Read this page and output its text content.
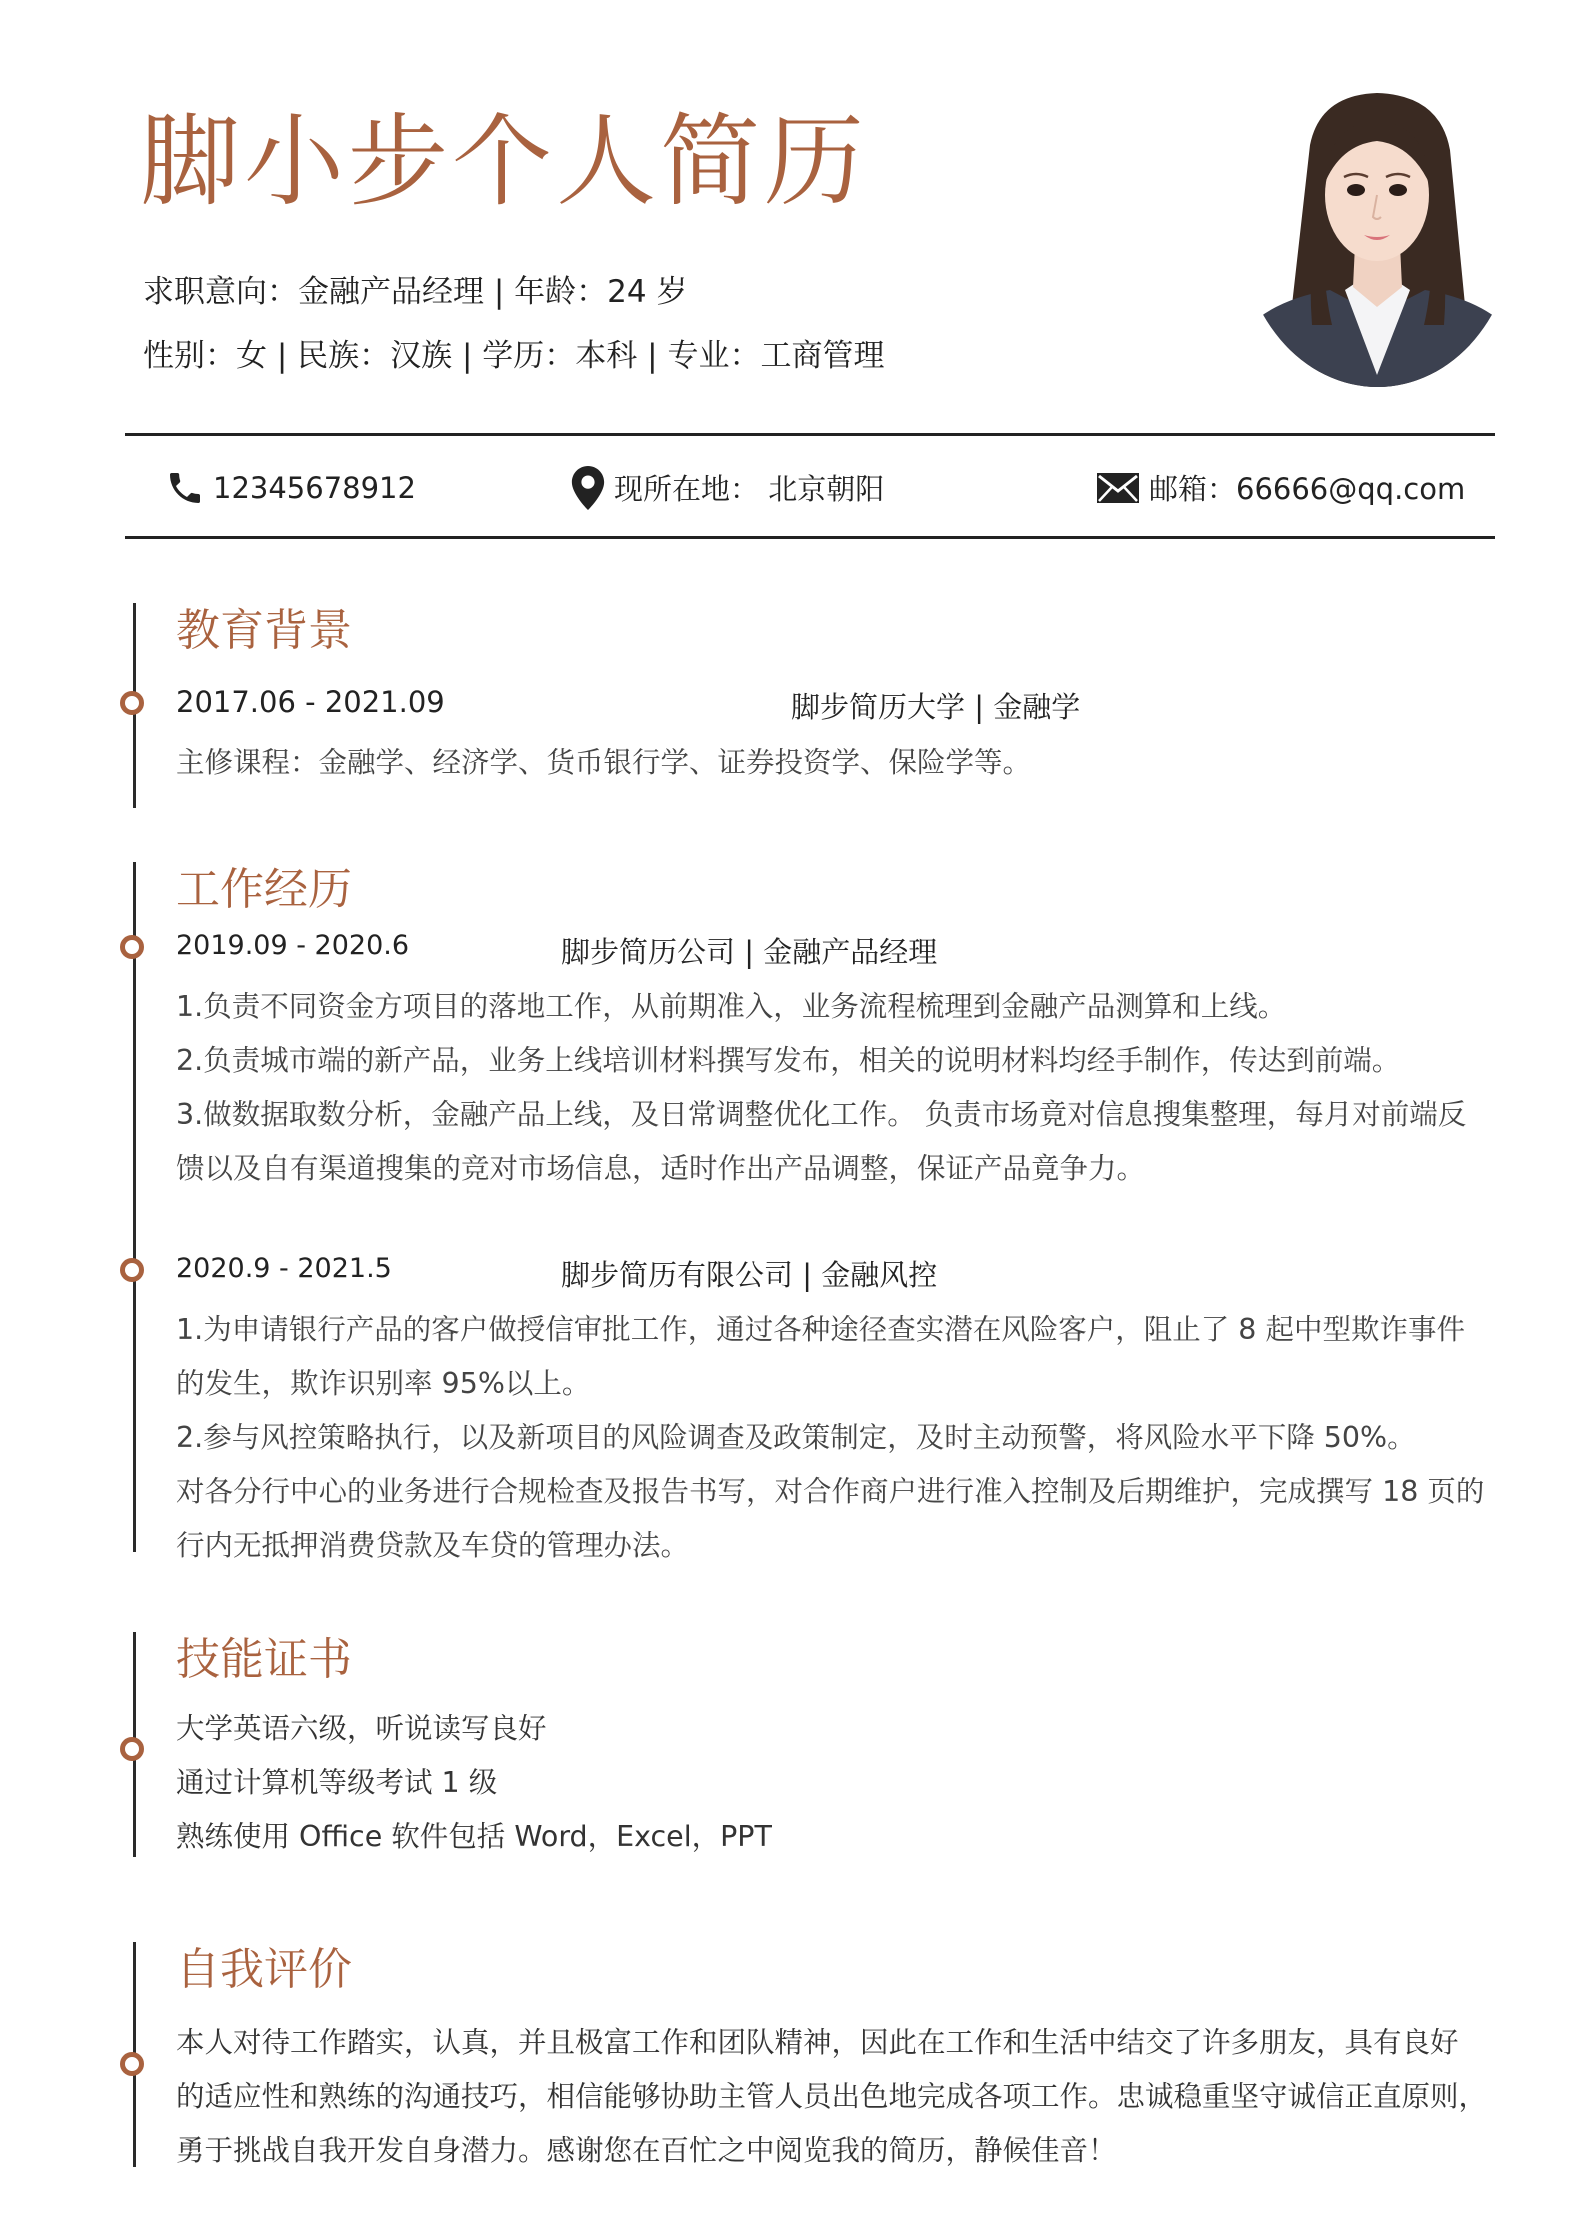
脚小步个人简历
求职意向：金融产品经理 | 年龄：24 岁
性别：女 | 民族：汉族 | 学历：本科 | 专业：工商管理
12345678912	现所在地： 北京朝阳	邮箱：66666@qq.com
教育背景
2017.06 - 2021.09	脚步简历大学 | 金融学
主修课程：金融学、经济学、货币银行学、证券投资学、保险学等。
工作经历
2019.09 - 2020.6	脚步简历公司 | 金融产品经理
1.负责不同资金方项目的落地工作，从前期准入，业务流程梳理到金融产品测算和上线。
2.负责城市端的新产品，业务上线培训材料撰写发布，相关的说明材料均经手制作，传达到前端。
3.做数据取数分析，金融产品上线，及日常调整优化工作。 负责市场竟对信息搜集整理，每月对前端反
馈以及自有渠道搜集的竞对市场信息，适时作出产品调整，保证产品竟争力。
2020.9 - 2021.5	脚步简历有限公司 | 金融风控
1.为申请银行产品的客户做授信审批工作，通过各种途径查实潜在风险客户，阻止了 8 起中型欺诈事件
的发生，欺诈识别率 95%以上。
2.参与风控策略执行，以及新项目的风险调查及政策制定，及时主动预警，将风险水平下降 50%。
对各分行中心的业务进行合规检查及报告书写，对合作商户进行准入控制及后期维护，完成撰写 18 页的
行内无抵押消费贷款及车贷的管理办法。
技能证书
大学英语六级，听说读写良好
通过计算机等级考试 1 级
熟练使用 Office 软件包括 Word，Excel，PPT
自我评价
本人对待工作踏实，认真，并且极富工作和团队精神，因此在工作和生活中结交了许多朋友，具有良好
的适应性和熟练的沟通技巧，相信能够协助主管人员出色地完成各项工作。忠诚稳重坚守诚信正直原则，
勇于挑战自我开发自身潜力。感谢您在百忙之中阅览我的简历，静候佳音！
